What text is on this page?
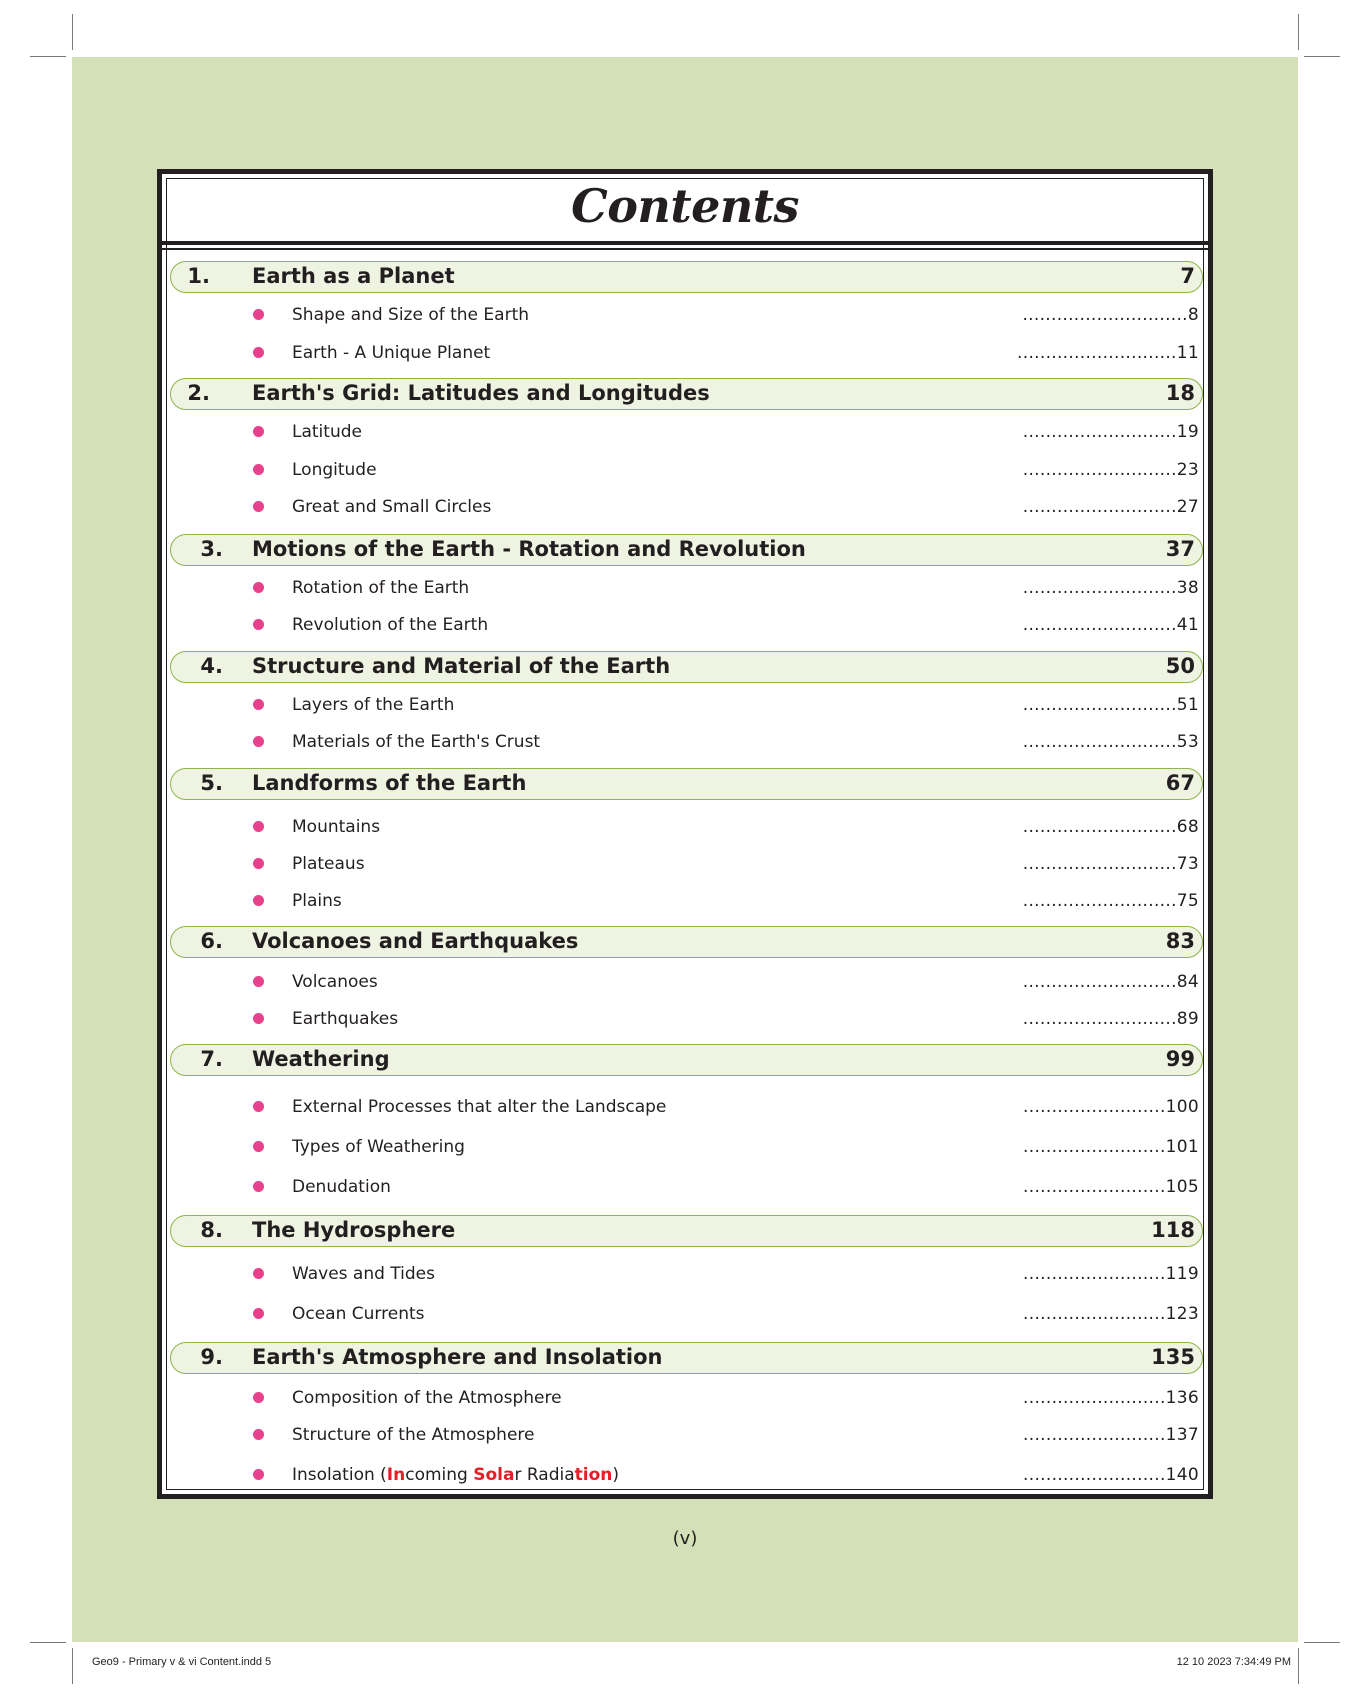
Contents
1. Earth as a Planet	7
Shape and Size of the Earth	.............................8
Earth - A Unique Planet	............................11
2. Earth's Grid: Latitudes and Longitudes	18
Latitude	...........................19
Longitude	...........................23
Great and Small Circles	...........................27
3. Motions of the Earth - Rotation and Revolution	37
Rotation of the Earth	...........................38
Revolution of the Earth	...........................41
4. Structure and Material of the Earth	50
Layers of the Earth	...........................51
Materials of the Earth's Crust	...........................53
5. Landforms of the Earth	67
Mountains	...........................68
Plateaus	...........................73
Plains	...........................75
6. Volcanoes and Earthquakes	83
Volcanoes	...........................84
Earthquakes	...........................89
7. Weathering	99
External Processes that alter the Landscape	.........................100
Types of Weathering	.........................101
Denudation	.........................105
8. The Hydrosphere	118
Waves and Tides	.........................119
Ocean Currents	.........................123
9. Earth's Atmosphere and Insolation	135
Composition of the Atmosphere	.........................136
Structure of the Atmosphere	.........................137
Insolation (Incoming Solar Radiation)	.........................140
(v)
Geo9 - Primary v & vi Content.indd 5	12 10 2023 7:34:49 PM
